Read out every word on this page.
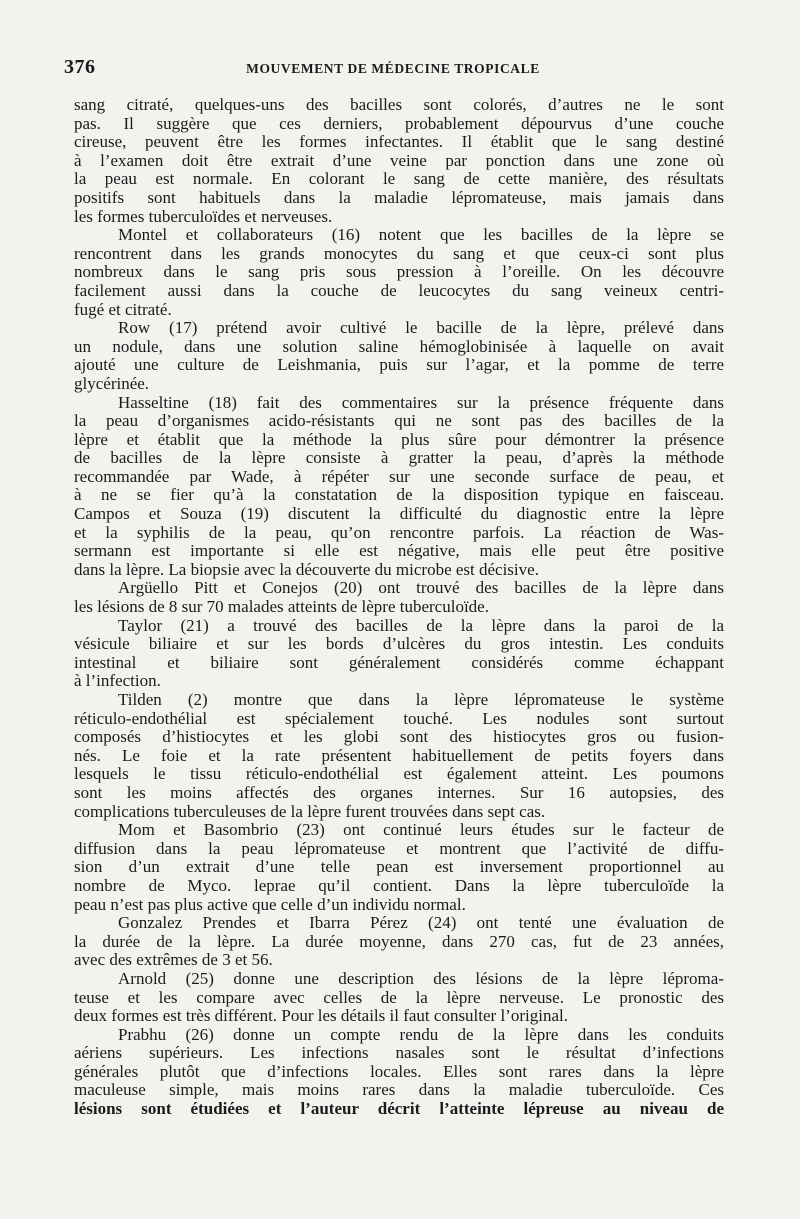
376	MOUVEMENT DE MÉDECINE TROPICALE
sang citraté, quelques-uns des bacilles sont colorés, d’autres ne le sont
pas. Il suggère que ces derniers, probablement dépourvus d’une couche
cireuse, peuvent être les formes infectantes. Il établit que le sang destiné
à l’examen doit être extrait d’une veine par ponction dans une zone où
la peau est normale. En colorant le sang de cette manière, des résultats
positifs sont habituels dans la maladie lépromateuse, mais jamais dans
les formes tuberculoïdes et nerveuses.
Montel et collaborateurs (16) notent que les bacilles de la lèpre se
rencontrent dans les grands monocytes du sang et que ceux-ci sont plus
nombreux dans le sang pris sous pression à l’oreille. On les découvre
facilement aussi dans la couche de leucocytes du sang veineux centri-
fugé et citraté.
Row (17) prétend avoir cultivé le bacille de la lèpre, prélevé dans
un nodule, dans une solution saline hémoglobinisée à laquelle on avait
ajouté une culture de Leishmania, puis sur l’agar, et la pomme de terre
glycérinée.
Hasseltine (18) fait des commentaires sur la présence fréquente dans
la peau d’organismes acido-résistants qui ne sont pas des bacilles de la
lèpre et établit que la méthode la plus sûre pour démontrer la présence
de bacilles de la lèpre consiste à gratter la peau, d’après la méthode
recommandée par Wade, à répéter sur une seconde surface de peau, et
à ne se fier qu’à la constatation de la disposition typique en faisceau.
Campos et Souza (19) discutent la difficulté du diagnostic entre la lèpre
et la syphilis de la peau, qu’on rencontre parfois. La réaction de Was-
sermann est importante si elle est négative, mais elle peut être positive
dans la lèpre. La biopsie avec la découverte du microbe est décisive.
Argüello Pitt et Conejos (20) ont trouvé des bacilles de la lèpre dans
les lésions de 8 sur 70 malades atteints de lèpre tuberculoïde.
Taylor (21) a trouvé des bacilles de la lèpre dans la paroi de la
vésicule biliaire et sur les bords d’ulcères du gros intestin. Les conduits
intestinal et biliaire sont généralement considérés comme échappant
à l’infection.
Tilden (2) montre que dans la lèpre lépromateuse le système
réticulo-endothélial est spécialement touché. Les nodules sont surtout
composés d’histiocytes et les globi sont des histiocytes gros ou fusion-
nés. Le foie et la rate présentent habituellement de petits foyers dans
lesquels le tissu réticulo-endothélial est également atteint. Les poumons
sont les moins affectés des organes internes. Sur 16 autopsies, des
complications tuberculeuses de la lèpre furent trouvées dans sept cas.
Mom et Basombrio (23) ont continué leurs études sur le facteur de
diffusion dans la peau lépromateuse et montrent que l’activité de diffu-
sion d’un extrait d’une telle pean est inversement proportionnel au
nombre de Myco. leprae qu’il contient. Dans la lèpre tuberculoïde la
peau n’est pas plus active que celle d’un individu normal.
Gonzalez Prendes et Ibarra Pérez (24) ont tenté une évaluation de
la durée de la lèpre. La durée moyenne, dans 270 cas, fut de 23 années,
avec des extrêmes de 3 et 56.
Arnold (25) donne une description des lésions de la lèpre léproma-
teuse et les compare avec celles de la lèpre nerveuse. Le pronostic des
deux formes est très différent. Pour les détails il faut consulter l’original.
Prabhu (26) donne un compte rendu de la lèpre dans les conduits
aériens supérieurs. Les infections nasales sont le résultat d’infections
générales plutôt que d’infections locales. Elles sont rares dans la lèpre
maculeuse simple, mais moins rares dans la maladie tuberculoïde. Ces
lésions sont étudiées et l’auteur décrit l’atteinte lépreuse au niveau de
